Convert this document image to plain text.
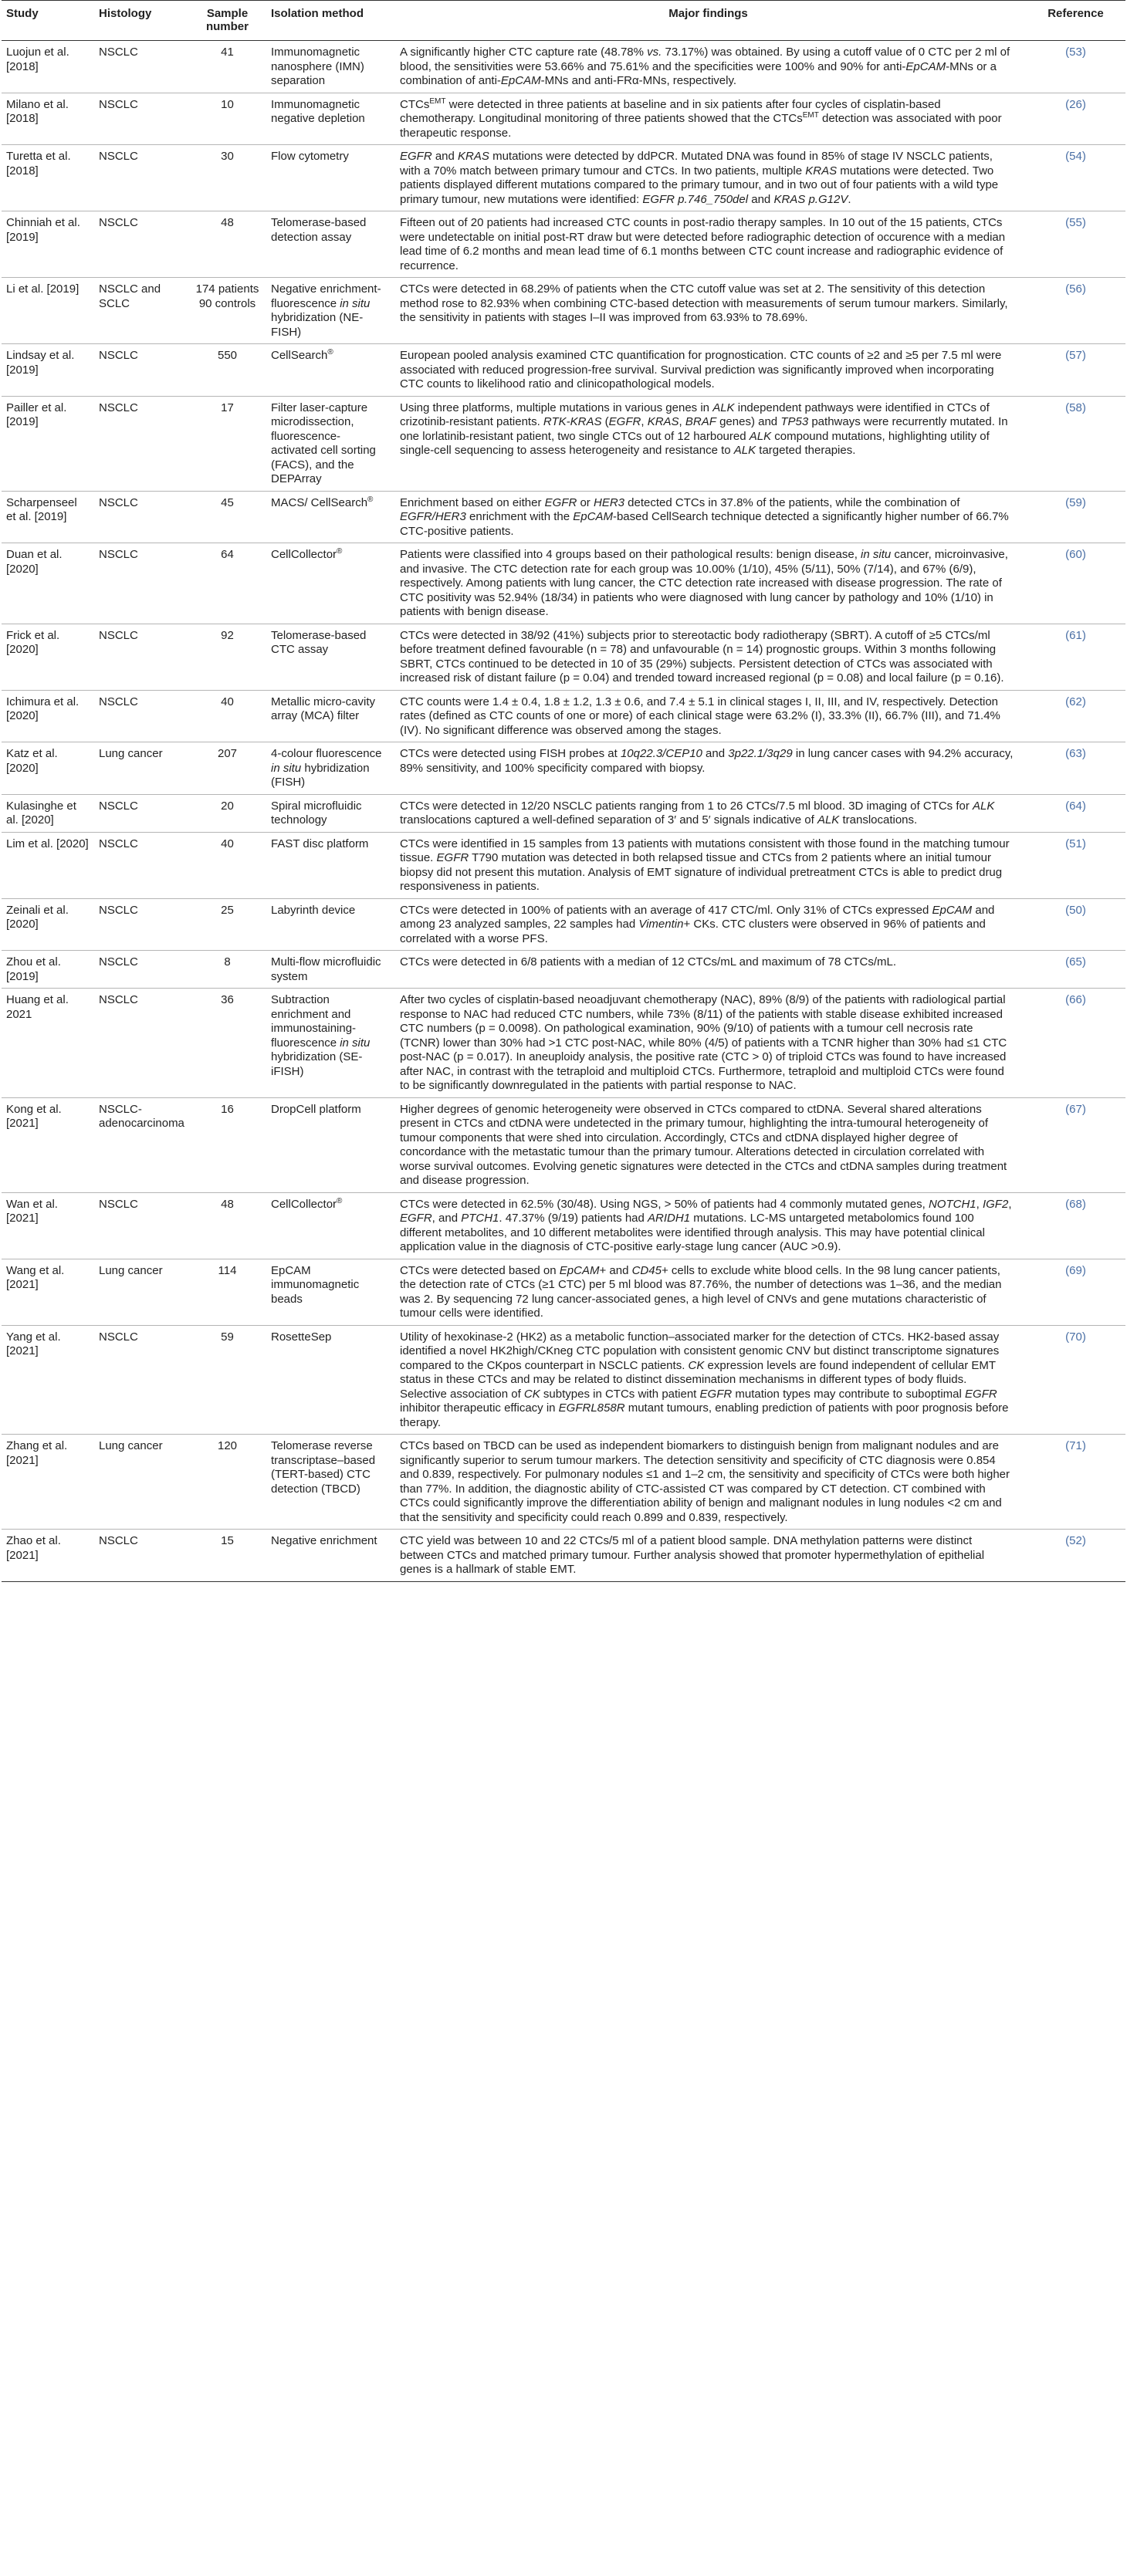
Study	Histology	Sample number	Isolation method	Major findings	Reference
Luojun et al. [2018]	NSCLC	41	Immunomagnetic nanosphere (IMN) separation	A significantly higher CTC capture rate (48.78% vs. 73.17%) was obtained. By using a cutoff value of 0 CTC per 2 ml of blood, the sensitivities were 53.66% and 75.61% and the specificities were 100% and 90% for anti-EpCAM-MNs or a combination of anti-EpCAM-MNs and anti-FRα-MNs, respectively.	(53)
Milano et al. [2018]	NSCLC	10	Immunomagnetic negative depletion	CTCs$^{EMT}$ were detected in three patients at baseline and in six patients after four cycles of cisplatin-based chemotherapy. Longitudinal monitoring of three patients showed that the CTCs$^{EMT}$ detection was associated with poor therapeutic response.	(26)
Turetta et al. [2018]	NSCLC	30	Flow cytometry	EGFR and KRAS mutations were detected by ddPCR. Mutated DNA was found in 85% of stage IV NSCLC patients, with a 70% match between primary tumour and CTCs. In two patients, multiple KRAS mutations were detected. Two patients displayed different mutations compared to the primary tumour, and in two out of four patients with a wild type primary tumour, new mutations were identified: EGFR p.746_750del and KRAS p.G12V.	(54)
Chinniah et al. [2019]	NSCLC	48	Telomerase-based detection assay	Fifteen out of 20 patients had increased CTC counts in post-radio therapy samples. In 10 out of the 15 patients, CTCs were undetectable on initial post-RT draw but were detected before radiographic detection of occurence with a median lead time of 6.2 months and mean lead time of 6.1 months between CTC count increase and radiographic evidence of recurrence.	(55)
Li et al. [2019]	NSCLC and SCLC	174 patients 90 controls	Negative enrichment-fluorescence in situ hybridization (NE-FISH)	CTCs were detected in 68.29% of patients when the CTC cutoff value was set at 2. The sensitivity of this detection method rose to 82.93% when combining CTC-based detection with measurements of serum tumour markers. Similarly, the sensitivity in patients with stages I–II was improved from 63.93% to 78.69%.	(56)
Lindsay et al. [2019]	NSCLC	550	CellSearch®	European pooled analysis examined CTC quantification for prognostication. CTC counts of ≥2 and ≥5 per 7.5 ml were associated with reduced progression-free survival. Survival prediction was significantly improved when incorporating CTC counts to likelihood ratio and clinicopathological models.	(57)
Pailler et al. [2019]	NSCLC	17	Filter laser-capture microdissection, fluorescence-activated cell sorting (FACS), and the DEPArray	Using three platforms, multiple mutations in various genes in ALK independent pathways were identified in CTCs of crizotinib-resistant patients. RTK-KRAS (EGFR, KRAS, BRAF genes) and TP53 pathways were recurrently mutated. In one lorlatinib-resistant patient, two single CTCs out of 12 harboured ALK compound mutations, highlighting utility of single-cell sequencing to assess heterogeneity and resistance to ALK targeted therapies.	(58)
Scharpenseel et al. [2019]	NSCLC	45	MACS/ CellSearch®	Enrichment based on either EGFR or HER3 detected CTCs in 37.8% of the patients, while the combination of EGFR/HER3 enrichment with the EpCAM-based CellSearch technique detected a significantly higher number of 66.7% CTC-positive patients.	(59)
Duan et al. [2020]	NSCLC	64	CellCollector®	Patients were classified into 4 groups based on their pathological results: benign disease, in situ cancer, microinvasive, and invasive. The CTC detection rate for each group was 10.00% (1/10), 45% (5/11), 50% (7/14), and 67% (6/9), respectively. Among patients with lung cancer, the CTC detection rate increased with disease progression. The rate of CTC positivity was 52.94% (18/34) in patients who were diagnosed with lung cancer by pathology and 10% (1/10) in patients with benign disease.	(60)
Frick et al. [2020]	NSCLC	92	Telomerase-based CTC assay	CTCs were detected in 38/92 (41%) subjects prior to stereotactic body radiotherapy (SBRT). A cutoff of ≥5 CTCs/ml before treatment defined favourable (n = 78) and unfavourable (n = 14) prognostic groups. Within 3 months following SBRT, CTCs continued to be detected in 10 of 35 (29%) subjects. Persistent detection of CTCs was associated with increased risk of distant failure (p = 0.04) and trended toward increased regional (p = 0.08) and local failure (p = 0.16).	(61)
Ichimura et al. [2020]	NSCLC	40	Metallic micro-cavity array (MCA) filter	CTC counts were 1.4 ± 0.4, 1.8 ± 1.2, 1.3 ± 0.6, and 7.4 ± 5.1 in clinical stages I, II, III, and IV, respectively. Detection rates (defined as CTC counts of one or more) of each clinical stage were 63.2% (I), 33.3% (II), 66.7% (III), and 71.4% (IV). No significant difference was observed among the stages.	(62)
Katz et al. [2020]	Lung cancer	207	4-colour fluorescence in situ hybridization (FISH)	CTCs were detected using FISH probes at 10q22.3/CEP10 and 3p22.1/3q29 in lung cancer cases with 94.2% accuracy, 89% sensitivity, and 100% specificity compared with biopsy.	(63)
Kulasinghe et al. [2020]	NSCLC	20	Spiral microfluidic technology	CTCs were detected in 12/20 NSCLC patients ranging from 1 to 26 CTCs/7.5 ml blood. 3D imaging of CTCs for ALK translocations captured a well-defined separation of 3′ and 5′ signals indicative of ALK translocations.	(64)
Lim et al. [2020]	NSCLC	40	FAST disc platform	CTCs were identified in 15 samples from 13 patients with mutations consistent with those found in the matching tumour tissue. EGFR T790 mutation was detected in both relapsed tissue and CTCs from 2 patients where an initial tumour biopsy did not present this mutation. Analysis of EMT signature of individual pretreatment CTCs is able to predict drug responsiveness in patients.	(51)
Zeinali et al. [2020]	NSCLC	25	Labyrinth device	CTCs were detected in 100% of patients with an average of 417 CTC/ml. Only 31% of CTCs expressed EpCAM and among 23 analyzed samples, 22 samples had Vimentin+ CKs. CTC clusters were observed in 96% of patients and correlated with a worse PFS.	(50)
Zhou et al. [2019]	NSCLC	8	Multi-flow microfluidic system	CTCs were detected in 6/8 patients with a median of 12 CTCs/mL and maximum of 78 CTCs/mL.	(65)
Huang et al. 2021	NSCLC	36	Subtraction enrichment and immunostaining-fluorescence in situ hybridization (SE-iFISH)	After two cycles of cisplatin-based neoadjuvant chemotherapy (NAC), 89% (8/9) of the patients with radiological partial response to NAC had reduced CTC numbers, while 73% (8/11) of the patients with stable disease exhibited increased CTC numbers (p = 0.0098). On pathological examination, 90% (9/10) of patients with a tumour cell necrosis rate (TCNR) lower than 30% had >1 CTC post-NAC, while 80% (4/5) of patients with a TCNR higher than 30% had ≤1 CTC post-NAC (p = 0.017). In aneuploidy analysis, the positive rate (CTC > 0) of triploid CTCs was found to have increased after NAC, in contrast with the tetraploid and multiploid CTCs. Furthermore, tetraploid and multiploid CTCs were found to be significantly downregulated in the patients with partial response to NAC.	(66)
Kong et al. [2021]	NSCLC-adenocarcinoma	16	DropCell platform	Higher degrees of genomic heterogeneity were observed in CTCs compared to ctDNA. Several shared alterations present in CTCs and ctDNA were undetected in the primary tumour, highlighting the intra-tumoural heterogeneity of tumour components that were shed into circulation. Accordingly, CTCs and ctDNA displayed higher degree of concordance with the metastatic tumour than the primary tumour. Alterations detected in circulation correlated with worse survival outcomes. Evolving genetic signatures were detected in the CTCs and ctDNA samples during treatment and disease progression.	(67)
Wan et al. [2021]	NSCLC	48	CellCollector®	CTCs were detected in 62.5% (30/48). Using NGS, > 50% of patients had 4 commonly mutated genes, NOTCH1, IGF2, EGFR, and PTCH1. 47.37% (9/19) patients had ARIDH1 mutations. LC-MS untargeted metabolomics found 100 different metabolites, and 10 different metabolites were identified through analysis. This may have potential clinical application value in the diagnosis of CTC-positive early-stage lung cancer (AUC >0.9).	(68)
Wang et al. [2021]	Lung cancer	114	EpCAM immunomagnetic beads	CTCs were detected based on EpCAM+ and CD45+ cells to exclude white blood cells. In the 98 lung cancer patients, the detection rate of CTCs (≥1 CTC) per 5 ml blood was 87.76%, the number of detections was 1–36, and the median was 2. By sequencing 72 lung cancer-associated genes, a high level of CNVs and gene mutations characteristic of tumour cells were identified.	(69)
Yang et al. [2021]	NSCLC	59	RosetteSep	Utility of hexokinase-2 (HK2) as a metabolic function–associated marker for the detection of CTCs. HK2-based assay identified a novel HK2high/CKneg CTC population with consistent genomic CNV but distinct transcriptome signatures compared to the CKpos counterpart in NSCLC patients. CK expression levels are found independent of cellular EMT status in these CTCs and may be related to distinct dissemination mechanisms in different types of body fluids. Selective association of CK subtypes in CTCs with patient EGFR mutation types may contribute to suboptimal EGFR inhibitor therapeutic efficacy in EGFRL858R mutant tumours, enabling prediction of patients with poor prognosis before therapy.	(70)
Zhang et al. [2021]	Lung cancer	120	Telomerase reverse transcriptase–based (TERT-based) CTC detection (TBCD)	CTCs based on TBCD can be used as independent biomarkers to distinguish benign from malignant nodules and are significantly superior to serum tumour markers. The detection sensitivity and specificity of CTC diagnosis were 0.854 and 0.839, respectively. For pulmonary nodules ≤1 and 1–2 cm, the sensitivity and specificity of CTCs were both higher than 77%. In addition, the diagnostic ability of CTC-assisted CT was compared by CT detection. CT combined with CTCs could significantly improve the differentiation ability of benign and malignant nodules in lung nodules <2 cm and that the sensitivity and specificity could reach 0.899 and 0.839, respectively.	(71)
Zhao et al. [2021]	NSCLC	15	Negative enrichment	CTC yield was between 10 and 22 CTCs/5 ml of a patient blood sample. DNA methylation patterns were distinct between CTCs and matched primary tumour. Further analysis showed that promoter hypermethylation of epithelial genes is a hallmark of stable EMT.	(52)
